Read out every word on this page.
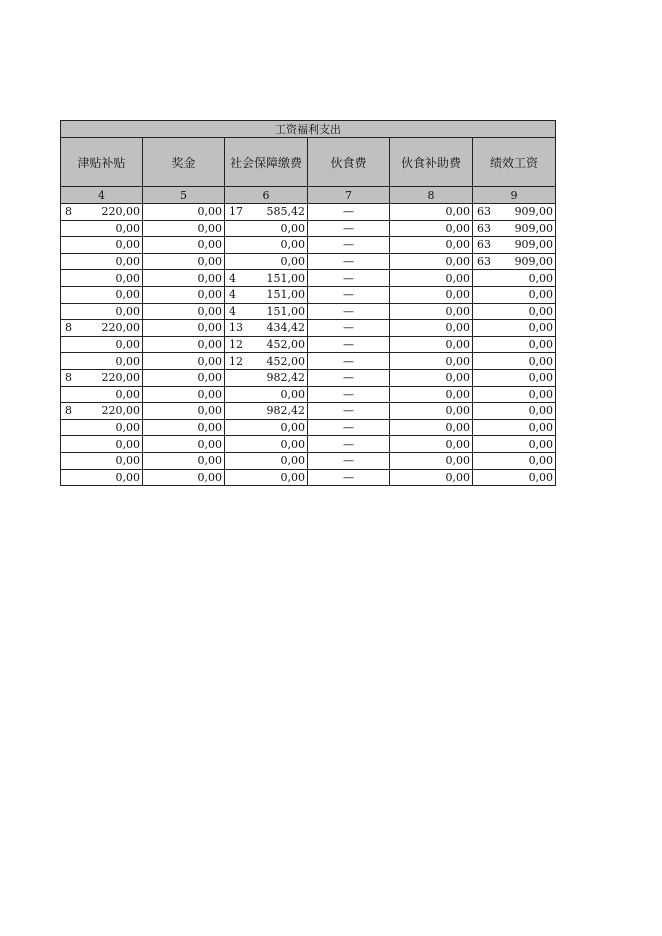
工资福利支出					
津贴补贴	奖金	社会保障缴费	伙食费	伙食补助费	绩效工资
4	5	6	7	8	9

8 220,00	0,00	17 585,42	—	0,00	63 909,00

0,00	0,00	0,00	—	0,00	63 909,00

0,00	0,00	0,00	—	0,00	63 909,00

0,00	0,00	0,00	—	0,00	63 909,00

0,00	0,00	4 151,00	—	0,00	0,00

0,00	0,00	4 151,00	—	0,00	0,00

0,00	0,00	4 151,00	—	0,00	0,00

8 220,00	0,00	13 434,42	—	0,00	0,00

0,00	0,00	12 452,00	—	0,00	0,00

0,00	0,00	12 452,00	—	0,00	0,00

8 220,00	0,00	982,42	—	0,00	0,00

0,00	0,00	0,00	—	0,00	0,00

8 220,00	0,00	982,42	—	0,00	0,00

0,00	0,00	0,00	—	0,00	0,00

0,00	0,00	0,00	—	0,00	0,00

0,00	0,00	0,00	—	0,00	0,00

0,00	0,00	0,00	—	0,00	0,00
